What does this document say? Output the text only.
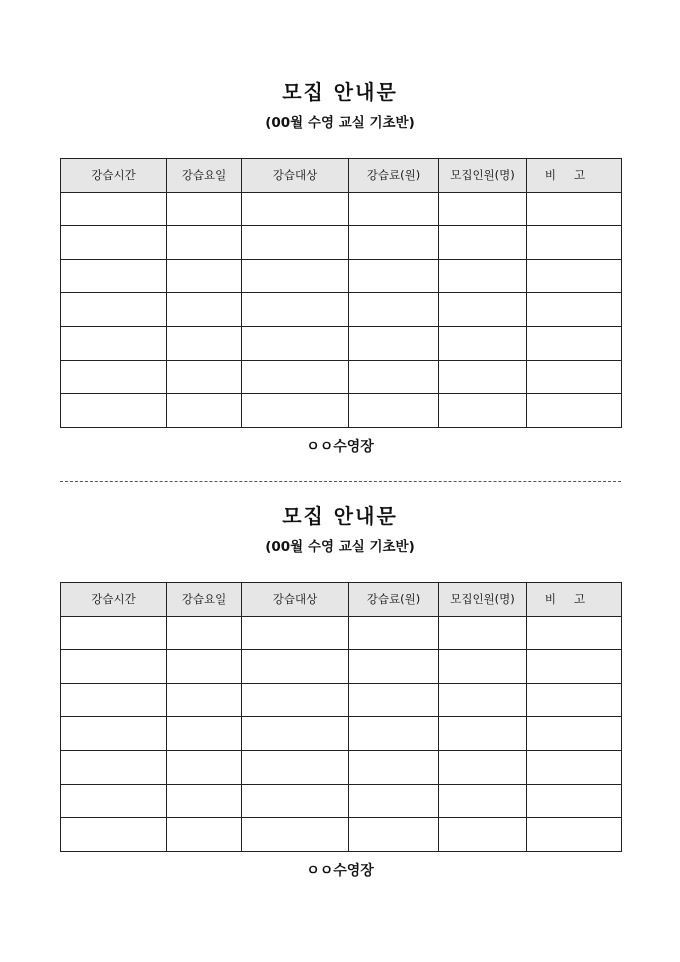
모집 안내문
(00월 수영 교실 기초반)
강습시간	강습요일	강습대상	강습료(원)	모집인원(명)	비고

ㅇㅇ수영장
모집 안내문
(00월 수영 교실 기초반)
강습시간	강습요일	강습대상	강습료(원)	모집인원(명)	비고

ㅇㅇ수영장
